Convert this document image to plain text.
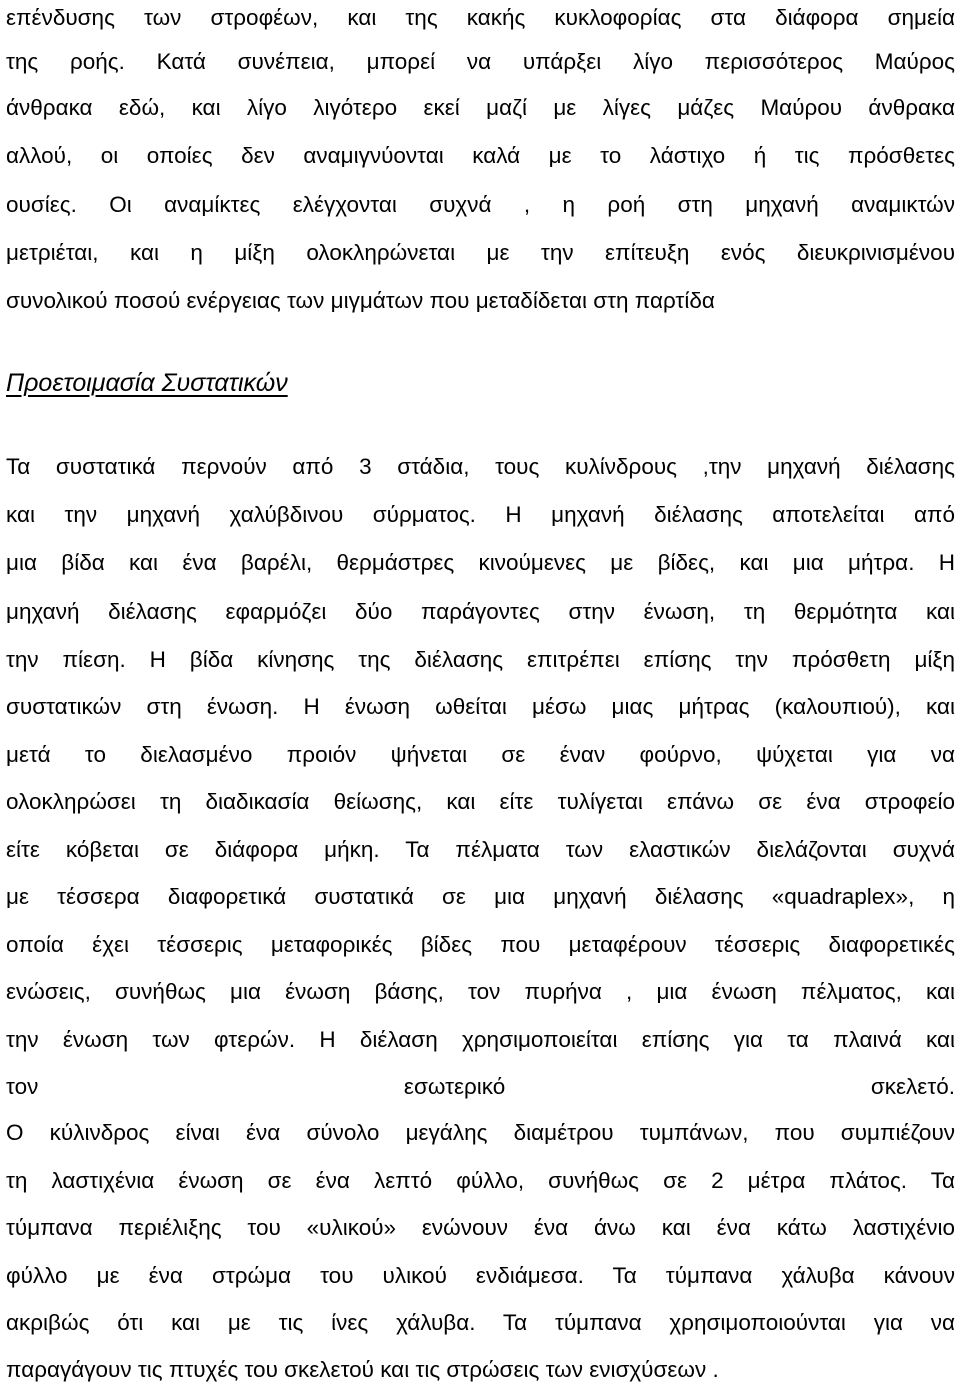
επένδυσης των στροφέων, και της κακής κυκλοφορίας στα διάφορα σημεία
της ροής. Κατά συνέπεια, μπορεί να υπάρξει λίγο περισσότερος Μαύρος
άνθρακα εδώ, και λίγο λιγότερο εκεί μαζί με λίγες μάζες Μαύρου άνθρακα
αλλού, οι οποίες δεν αναμιγνύονται καλά με το λάστιχο ή τις πρόσθετες
ουσίες. Οι αναμίκτες ελέγχονται συχνά , η ροή στη μηχανή αναμικτών
μετριέται, και η μίξη ολοκληρώνεται με την επίτευξη ενός διευκρινισμένου
συνολικού ποσού ενέργειας των μιγμάτων που μεταδίδεται στη παρτίδα
Προετοιμασία Συστατικών
Τα συστατικά περνούν από 3 στάδια, τους κυλίνδρους ,την μηχανή διέλασης
και την μηχανή χαλύβδινου σύρματος. Η μηχανή διέλασης αποτελείται από
μια βίδα και ένα βαρέλι, θερμάστρες κινούμενες με βίδες, και μια μήτρα. Η
μηχανή διέλασης εφαρμόζει δύο παράγοντες στην ένωση, τη θερμότητα και
την πίεση. Η βίδα κίνησης της διέλασης επιτρέπει επίσης την πρόσθετη μίξη
συστατικών στη ένωση. Η ένωση ωθείται μέσω μιας μήτρας (καλουπιού), και
μετά το διελασμένο προιόν ψήνεται σε έναν φούρνο, ψύχεται για να
ολοκληρώσει τη διαδικασία θείωσης, και είτε τυλίγεται επάνω σε ένα στροφείο
είτε κόβεται σε διάφορα μήκη. Τα πέλματα των ελαστικών διελάζονται συχνά
με τέσσερα διαφορετικά συστατικά σε μια μηχανή διέλασης «quadraplex», η
οποία έχει τέσσερις μεταφορικές βίδες που μεταφέρουν τέσσερις διαφορετικές
ενώσεις, συνήθως μια ένωση βάσης, τον πυρήνα , μια ένωση πέλματος, και
την ένωση των φτερών. Η διέλαση χρησιμοποιείται επίσης για τα πλαινά και
τον εσωτερικό σκελετό.
Ο κύλινδρος είναι ένα σύνολο μεγάλης διαμέτρου τυμπάνων, που συμπιέζουν
τη λαστιχένια ένωση σε ένα λεπτό φύλλο, συνήθως σε 2 μέτρα πλάτος. Τα
τύμπανα περιέλιξης του «υλικού» ενώνουν ένα άνω και ένα κάτω λαστιχένιο
φύλλο με ένα στρώμα του υλικού ενδιάμεσα. Τα τύμπανα χάλυβα κάνουν
ακριβώς ότι και με τις ίνες χάλυβα. Τα τύμπανα χρησιμοποιούνται για να
παραγάγουν τις πτυχές του σκελετού και τις στρώσεις των ενισχύσεων .
